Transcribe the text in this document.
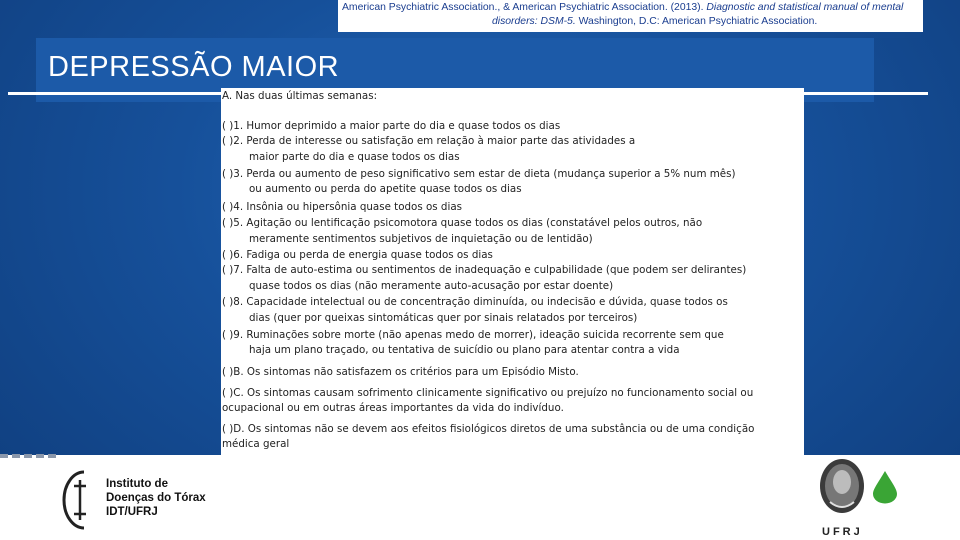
DEPRESSÃO MAIOR
American Psychiatric Association., & American Psychiatric Association. (2013). Diagnostic and statistical manual of mental
disorders: DSM-5. Washington, D.C: American Psychiatric Association.
A. Nas duas últimas semanas:
( )1. Humor deprimido a maior parte do dia e quase todos os dias
( )2. Perda de interesse ou satisfação em relação à maior parte das atividades a
maior parte do dia e quase todos os dias
( )3. Perda ou aumento de peso significativo sem estar de dieta (mudança superior a 5% num mês)
ou aumento ou perda do apetite quase todos os dias
( )4. Insônia ou hipersônia quase todos os dias
( )5. Agitação ou lentificação psicomotora quase todos os dias (constatável pelos outros, não
meramente sentimentos subjetivos de inquietação ou de lentidão)
( )6. Fadiga ou perda de energia quase todos os dias
( )7. Falta de auto-estima ou sentimentos de inadequação e culpabilidade (que podem ser delirantes)
quase todos os dias (não meramente auto-acusação por estar doente)
( )8. Capacidade intelectual ou de concentração diminuída, ou indecisão e dúvida, quase todos os
dias (quer por queixas sintomáticas quer por sinais relatados por terceiros)
( )9. Ruminações sobre morte (não apenas medo de morrer), ideação suicida recorrente sem que
haja um plano traçado, ou tentativa de suicídio ou plano para atentar contra a vida
( )B. Os sintomas não satisfazem os critérios para um Episódio Misto.
( )C. Os sintomas causam sofrimento clinicamente significativo ou prejuízo no funcionamento social ou
ocupacional ou em outras áreas importantes da vida do indivíduo.
( )D. Os sintomas não se devem aos efeitos fisiológicos diretos de uma substância ou de uma condição
médica geral
Instituto de
Doenças do Tórax
IDT/UFRJ
UFRJ
